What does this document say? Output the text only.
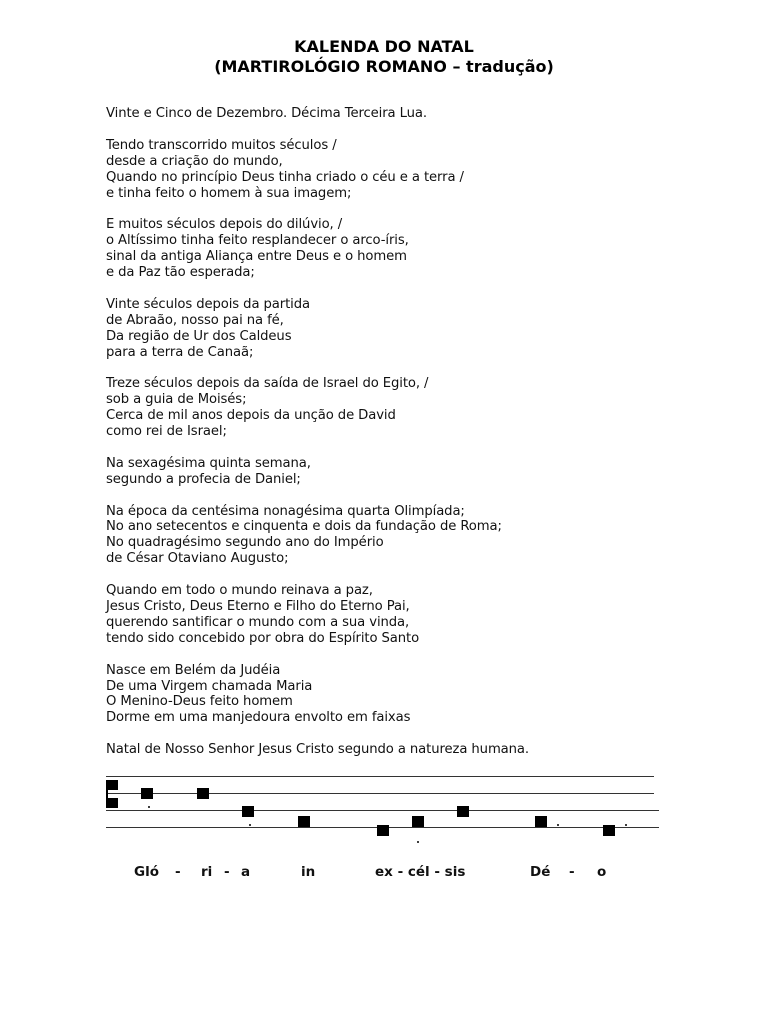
KALENDA DO NATAL
(MARTIROLÓGIO ROMANO – tradução)
Vinte e Cinco de Dezembro. Décima Terceira Lua.
Tendo transcorrido muitos séculos /
desde a criação do mundo,
Quando no princípio Deus tinha criado o céu e a terra /
e tinha feito o homem à sua imagem;
E muitos séculos depois do dilúvio, /
o Altíssimo tinha feito resplandecer o arco-íris,
sinal da antiga Aliança entre Deus e o homem
e da Paz tão esperada;
Vinte séculos depois da partida
de Abraão, nosso pai na fé,
Da região de Ur dos Caldeus
para a terra de Canaã;
Treze séculos depois da saída de Israel do Egito, /
sob a guia de Moisés;
Cerca de mil anos depois da unção de David
como rei de Israel;
Na sexagésima quinta semana,
segundo a profecia de Daniel;
Na época da centésima nonagésima quarta Olimpíada;
No ano setecentos e cinquenta e dois da fundação de Roma;
No quadragésimo segundo ano do Império
de César Otaviano Augusto;
Quando em todo o mundo reinava a paz,
Jesus Cristo, Deus Eterno e Filho do Eterno Pai,
querendo santificar o mundo com a sua vinda,
tendo sido concebido por obra do Espírito Santo
Nasce em Belém da Judéia
De uma Virgem chamada Maria
O Menino-Deus feito homem
Dorme em uma manjedoura envolto em faixas
Natal de Nosso Senhor Jesus Cristo segundo a natureza humana.
Gló - ri - a	in	ex - cél - sis	Dé - o
